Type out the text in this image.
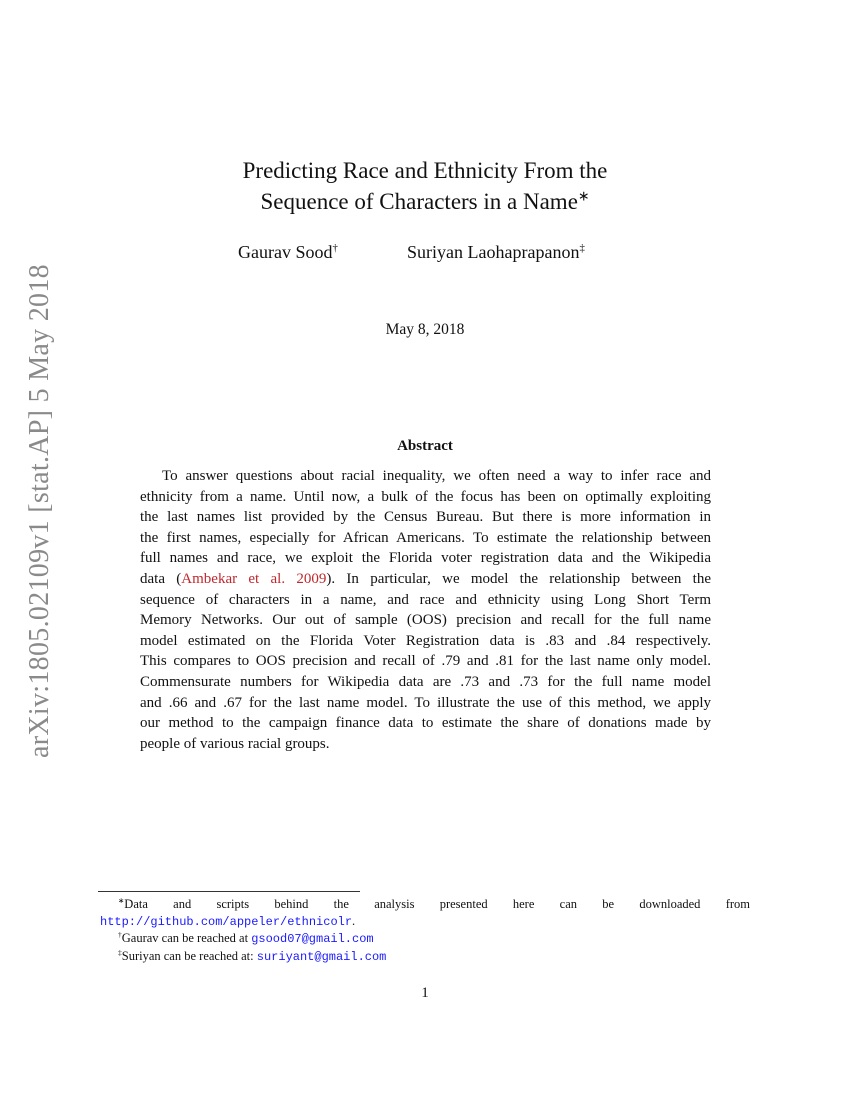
arXiv:1805.02109v1 [stat.AP] 5 May 2018
Predicting Race and Ethnicity From the
Sequence of Characters in a Name∗
Gaurav Sood†	Suriyan Laohaprapanon‡
May 8, 2018
Abstract
To answer questions about racial inequality, we often need a way to infer race and
ethnicity from a name. Until now, a bulk of the focus has been on optimally exploiting
the last names list provided by the Census Bureau. But there is more information in
the first names, especially for African Americans. To estimate the relationship between
full names and race, we exploit the Florida voter registration data and the Wikipedia
data (Ambekar et al. 2009). In particular, we model the relationship between the
sequence of characters in a name, and race and ethnicity using Long Short Term
Memory Networks. Our out of sample (OOS) precision and recall for the full name
model estimated on the Florida Voter Registration data is .83 and .84 respectively.
This compares to OOS precision and recall of .79 and .81 for the last name only model.
Commensurate numbers for Wikipedia data are .73 and .73 for the full name model
and .66 and .67 for the last name model. To illustrate the use of this method, we apply
our method to the campaign finance data to estimate the share of donations made by
people of various racial groups.
∗Data and scripts behind the analysis presented here can be downloaded from
http://github.com/appeler/ethnicolr.
†Gaurav can be reached at gsood07@gmail.com
‡Suriyan can be reached at: suriyant@gmail.com
1
